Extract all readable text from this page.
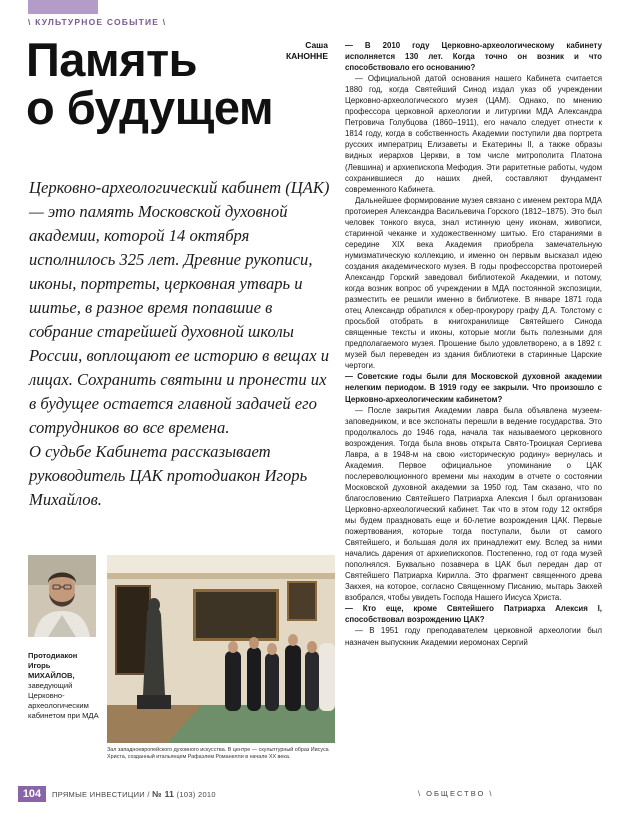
\ КУЛЬТУРНОЕ СОБЫТИЕ \
Память
о будущем
Саша
КАНОННЕ

Церковно-археологический кабинет (ЦАК) — это память Московской духовной академии, которой 14 октября исполнилось 325 лет. Древние рукописи, иконы, портреты, церковная утварь и шитье, в разное время попавшие в собрание старейшей духовной школы России, воплощают ее историю в вещах и лицах. Сохранить святыни и пронести их в будущее остается главной задачей его сотрудников во все времена.

О судьбе Кабинета рассказывает руководитель ЦАК протодиакон Игорь Михайлов.

— В 2010 году Церковно-археологическому кабинету исполняется 130 лет. Когда точно он возник и что способствовало его основанию?

— Официальной датой основания нашего Кабинета считается 1880 год, когда Святейший Синод издал указ об учреждении Церковно-археологического музея (ЦАМ). Однако, по мнению профессора церковной археологии и литургики МДА Александра Петровича Голубцова (1860–1911), его начало следует отнести к 1814 году, когда в собственность Академии поступили два портрета русских императриц Елизаветы и Екатерины II, а также образы видных иерархов Церкви, в том числе митрополита Платона (Левшина) и архиепископа Мефодия. Эти раритетные работы, чудом сохранившиеся до наших дней, составляют фундамент современного Кабинета.

Дальнейшее формирование музея связано с именем ректора МДА протоиерея Александра Васильевича Горского (1812–1875). Это был человек тонкого вкуса, знал истинную цену иконам, живописи, старинной чеканке и художественному шитью. Его стараниями в середине XIX века Академия приобрела замечательную нумизматическую коллекцию, и именно он первым высказал идею создания академического музея. В годы профессорства протоиерей Александр Горский заведовал библиотекой Академии, и потому, когда возник вопрос об учреждении в МДА постоянной экспозиции, разместить ее решили именно в библиотеке. В январе 1871 года отец Александр обратился к обер-прокурору графу Д.А. Толстому с просьбой отобрать в книгохранилище Святейшего Синода священные тексты и иконы, которые могли быть полезными для предполагаемого музея. Прошение было удовлетворено, а в 1892 г. музей был переведен из здания библиотеки в старинные Царские чертоги.

— Советские годы были для Московской духовной академии нелегким периодом. В 1919 году ее закрыли. Что произошло с Церковно-археологическим кабинетом?

— После закрытия Академии лавра была объявлена музеем-заповедником, и все экспонаты перешли в ведение государства. Это продолжалось до 1946 года, начала так называемого церковного возрождения. Тогда была вновь открыта Свято-Троицкая Сергиева Лавра, а в 1948-м на свою «историческую родину» вернулась и Академия. Первое официальное упоминание о ЦАК послереволюционного времени мы находим в отчете о состоянии Московской духовной академии за 1950 год. Там сказано, что по благословению Святейшего Патриарха Алексия I был организован Церковно-археологический кабинет. Так что в этом году 12 октября мы будем праздновать еще и 60-летие возрождения ЦАК. Первые пожертвования, которые тогда поступали, были от самого Святейшего, и большая доля их принадлежит ему. Вслед за ними начались дарения от архиепископов. Постепенно, год от года музей пополнялся. Буквально позавчера в ЦАК был передан дар от Святейшего Патриарха Кирилла. Это фрагмент священного древа Закхея, на которое, согласно Священному Писанию, мытарь Закхей взобрался, чтобы увидеть Господа Нашего Иисуса Христа.

— Кто еще, кроме Святейшего Патриарха Алексия I, способствовал возрождению ЦАК?

— В 1951 году преподавателем церковной археологии был назначен выпускник Академии иеромонах Сергий

Протодиакон
Игорь
МИХАЙЛОВ,
заведующий Церковно-археологическим кабинетом при МДА
Зал западноевропейского духовного искусства. В центре — скульптурный образ Иисуса Христа, созданный итальянцем Рафаэлем Романелли в начале XX века.
104	ПРЯМЫЕ ИНВЕСТИЦИИ / № 11 (103) 2010	\ ОБЩЕСТВО \
